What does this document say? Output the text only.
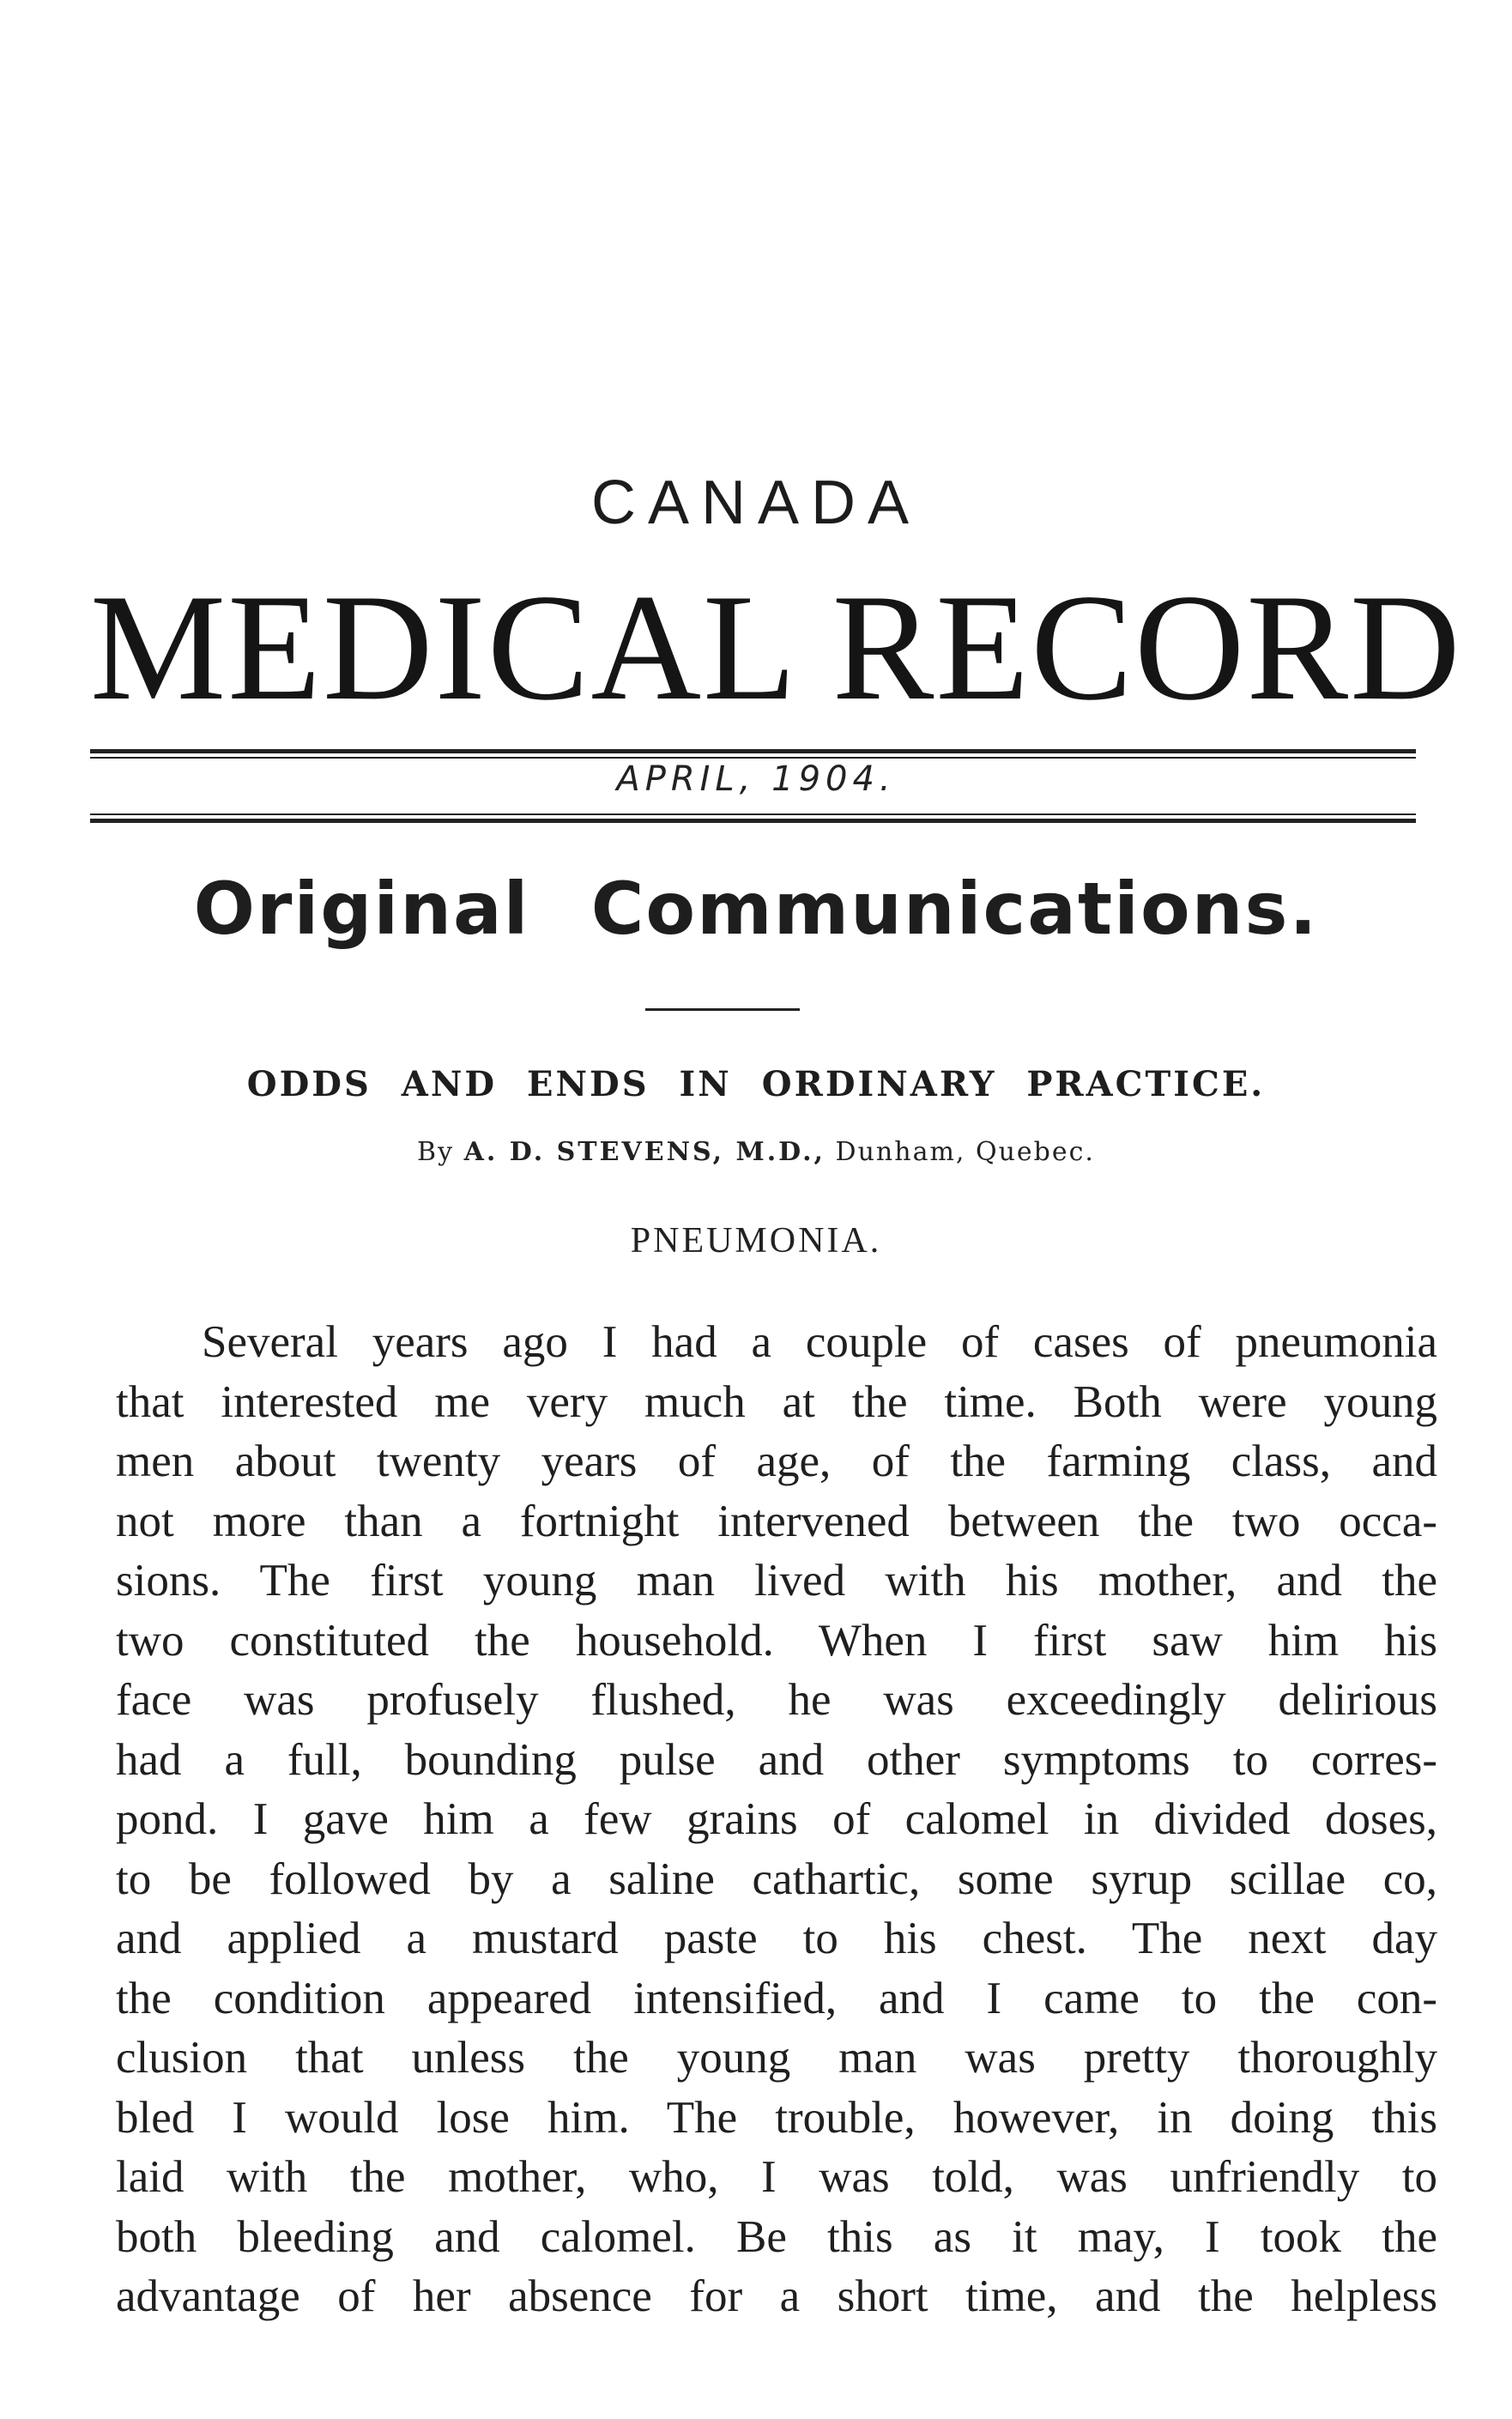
CANADA
MEDICAL RECORD
APRIL, 1904.
Original Communications.
ODDS AND ENDS IN ORDINARY PRACTICE.
By A. D. STEVENS, M.D., Dunham, Quebec.
PNEUMONIA.
Several years ago I had a couple of cases of pneumonia
that interested me very much at the time. Both were young
men about twenty years of age, of the farming class, and
not more than a fortnight intervened between the two occa-
sions. The first young man lived with his mother, and the
two constituted the household. When I first saw him his
face was profusely flushed, he was exceedingly delirious
had a full, bounding pulse and other symptoms to corres-
pond. I gave him a few grains of calomel in divided doses,
to be followed by a saline cathartic, some syrup scillae co,
and applied a mustard paste to his chest. The next day
the condition appeared intensified, and I came to the con-
clusion that unless the young man was pretty thoroughly
bled I would lose him. The trouble, however, in doing this
laid with the mother, who, I was told, was unfriendly to
both bleeding and calomel. Be this as it may, I took the
advantage of her absence for a short time, and the helpless
